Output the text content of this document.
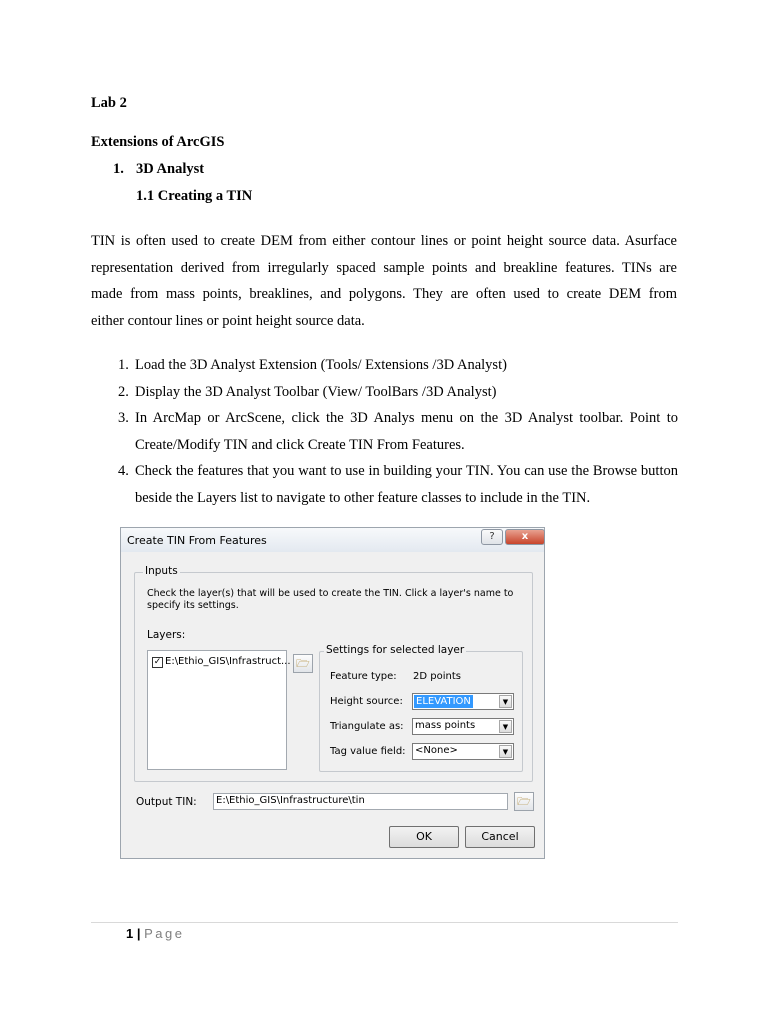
Lab 2
Extensions of ArcGIS
1. 3D Analyst
1.1 Creating a TIN
TIN is often used to create DEM from either contour lines or point height source data. Asurface
representation derived from irregularly spaced sample points and breakline features. TINs are
made from mass points, breaklines, and polygons. They are often used to create DEM from
either contour lines or point height source data.
1. Load the 3D Analyst Extension (Tools/ Extensions /3D Analyst)
2. Display the 3D Analyst Toolbar (View/ ToolBars /3D Analyst)
3. In ArcMap or ArcScene, click the 3D Analys menu on the 3D Analyst toolbar. Point to Create/Modify TIN and click Create TIN From Features.
4. Check the features that you want to use in building your TIN. You can use the Browse button beside the Layers list to navigate to other feature classes to include in the TIN.
Create TIN From Features	?	x
Inputs
Check the layer(s) that will be used to create the TIN. Click a layer's name to specify its settings.
Layers:
✓ E:\Ethio_GIS\Infrastruct... 🗁
Settings for selected layer
Feature type: 2D points
Height source: ELEVATION	▼
Triangulate as: mass points	▼
Tag value field: <None>	▼
Output TIN: E:\Ethio_GIS\Infrastructure\tin	🗁
OK	Cancel
1 | Page
